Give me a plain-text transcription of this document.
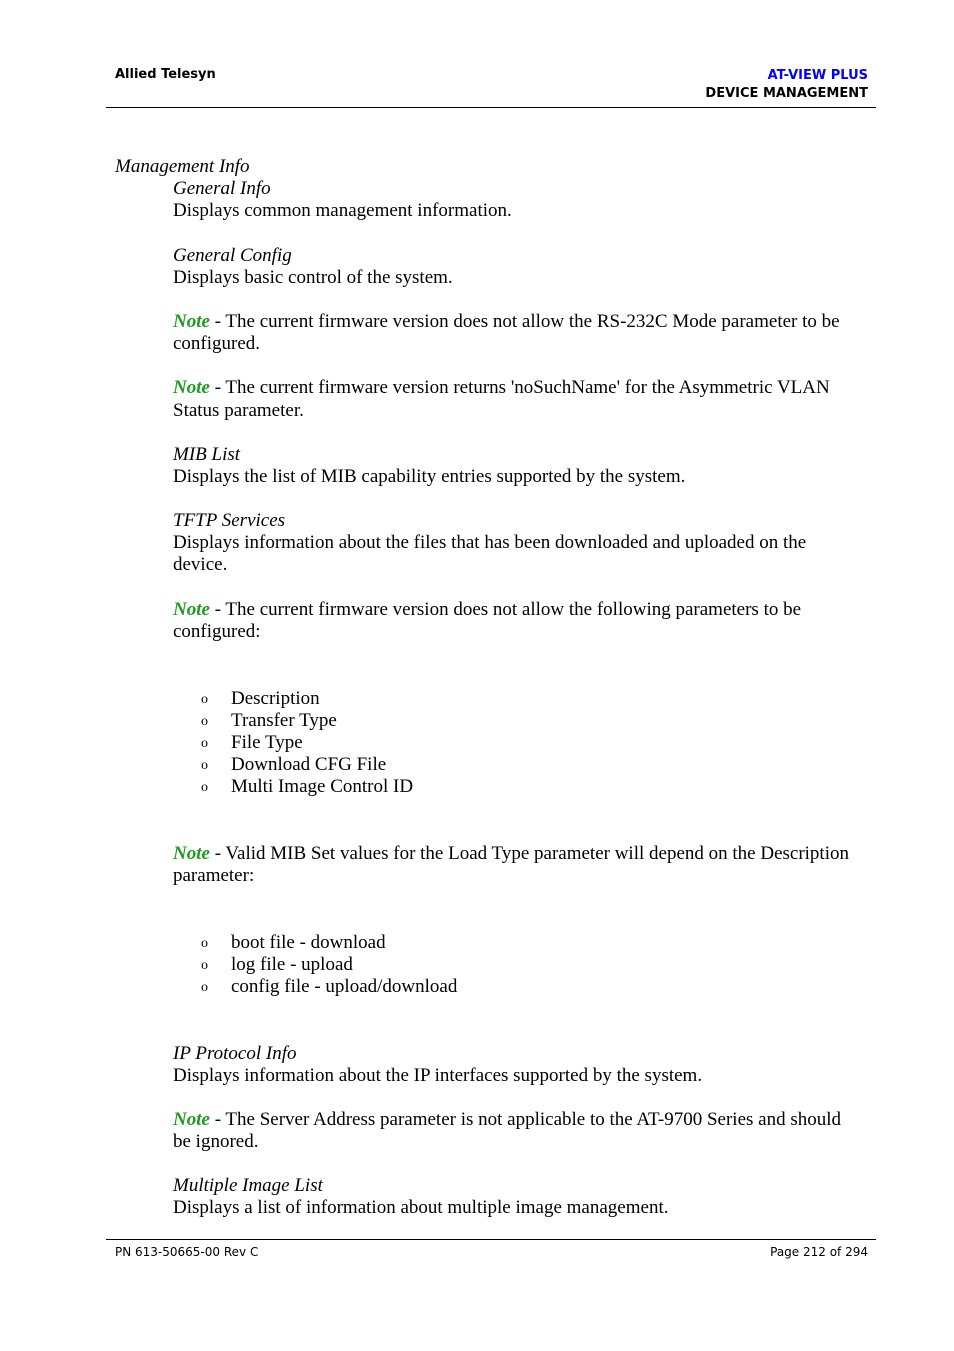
Allied Telesyn	AT-VIEW PLUS
DEVICE MANAGEMENT
Management Info
General Info
Displays common management information.
General Config
Displays basic control of the system.
Note - The current firmware version does not allow the RS-232C Mode parameter to be
configured.
Note - The current firmware version returns 'noSuchName' for the Asymmetric VLAN
Status parameter.
MIB List
Displays the list of MIB capability entries supported by the system.
TFTP Services
Displays information about the files that has been downloaded and uploaded on the
device.
Note - The current firmware version does not allow the following parameters to be
configured:
o Description
o Transfer Type
o File Type
o Download CFG File
o Multi Image Control ID
Note - Valid MIB Set values for the Load Type parameter will depend on the Description
parameter:
o boot file - download
o log file - upload
o config file - upload/download
IP Protocol Info
Displays information about the IP interfaces supported by the system.
Note - The Server Address parameter is not applicable to the AT-9700 Series and should
be ignored.
Multiple Image List
Displays a list of information about multiple image management.
PN 613-50665-00 Rev C	Page 212 of 294
